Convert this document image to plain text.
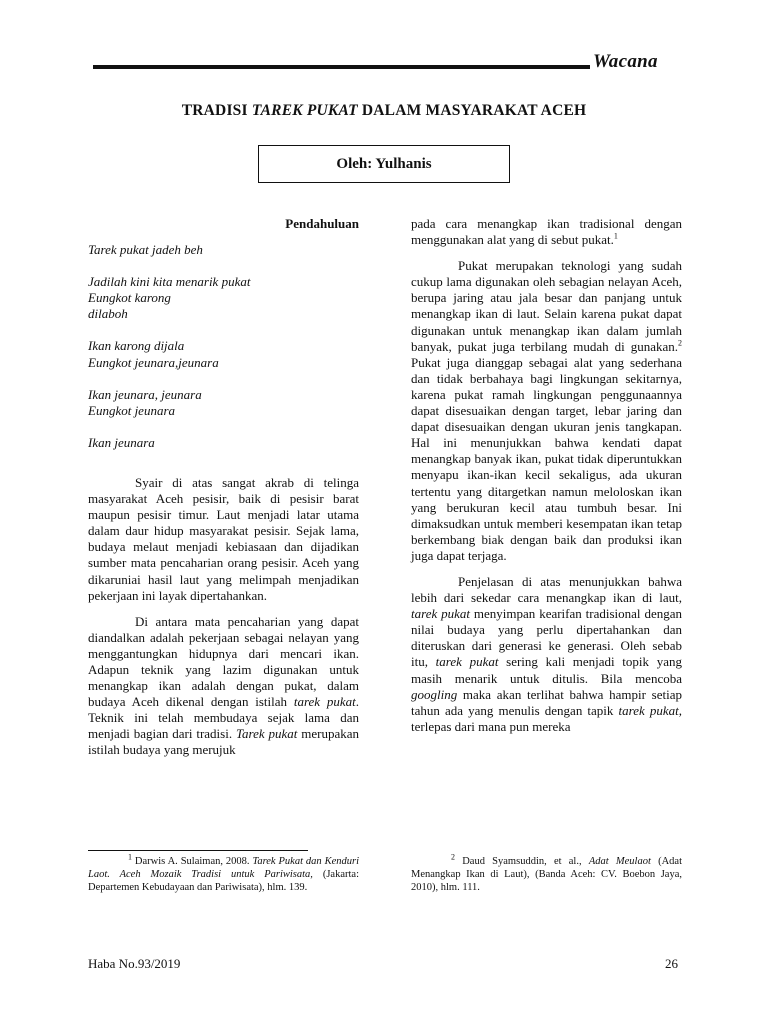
Wacana
TRADISI TAREK PUKAT DALAM MASYARAKAT ACEH
Oleh: Yulhanis
Pendahuluan
Tarek pukat jadeh beh
Jadilah kini kita menarik pukat
Eungkot karong
dilaboh
Ikan karong dijala
Eungkot jeunara,jeunara
Ikan jeunara, jeunara
Eungkot jeunara
Ikan jeunara

Syair di atas sangat akrab di telinga masyarakat Aceh pesisir, baik di pesisir barat maupun pesisir timur. Laut menjadi latar utama dalam daur hidup masyarakat pesisir. Sejak lama, budaya melaut menjadi kebiasaan dan dijadikan sumber mata pencaharian orang pesisir. Aceh yang dikaruniai hasil laut yang melimpah menjadikan pekerjaan ini layak dipertahankan.

Di antara mata pencaharian yang dapat diandalkan adalah pekerjaan sebagai nelayan yang menggantungkan hidupnya dari mencari ikan. Adapun teknik yang lazim digunakan untuk menangkap ikan adalah dengan pukat, dalam budaya Aceh dikenal dengan istilah tarek pukat. Teknik ini telah membudaya sejak lama dan menjadi bagian dari tradisi. Tarek pukat merupakan istilah budaya yang merujuk

pada cara menangkap ikan tradisional dengan menggunakan alat yang di sebut pukat.$^1$

Pukat merupakan teknologi yang sudah cukup lama digunakan oleh sebagian nelayan Aceh, berupa jaring atau jala besar dan panjang untuk menangkap ikan di laut. Selain karena pukat dapat digunakan untuk menangkap ikan dalam jumlah banyak, pukat juga terbilang mudah di gunakan.$^2$ Pukat juga dianggap sebagai alat yang sederhana dan tidak berbahaya bagi lingkungan sekitarnya, karena pukat ramah lingkungan penggunaannya dapat disesuaikan dengan target, lebar jaring dan dapat disesuaikan dengan ukuran jenis tangkapan. Hal ini menunjukkan bahwa kendati dapat menangkap banyak ikan, pukat tidak diperuntukkan menyapu ikan-ikan kecil sekaligus, ada ukuran tertentu yang ditargetkan namun meloloskan ikan yang berukuran kecil atau tumbuh besar. Ini dimaksudkan untuk memberi kesempatan ikan tetap berkembang biak dengan baik dan produksi ikan juga dapat terjaga.

Penjelasan di atas menunjukkan bahwa lebih dari sekedar cara menangkap ikan di laut, tarek pukat menyimpan kearifan tradisional dengan nilai budaya yang perlu dipertahankan dan diteruskan dari generasi ke generasi. Oleh sebab itu, tarek pukat sering kali menjadi topik yang masih menarik untuk ditulis. Bila mencoba googling maka akan terlihat bahwa hampir setiap tahun ada yang menulis dengan tapik tarek pukat, terlepas dari mana pun mereka

$^1$ Darwis A. Sulaiman, 2008. Tarek Pukat dan Kenduri Laot. Aceh Mozaik Tradisi untuk Pariwisata, (Jakarta: Departemen Kebudayaan dan Pariwisata), hlm. 139.
$^2$ Daud Syamsuddin, et al., Adat Meulaot (Adat Menangkap Ikan di Laut), (Banda Aceh: CV. Boebon Jaya, 2010), hlm. 111.
Haba No.93/2019	26
